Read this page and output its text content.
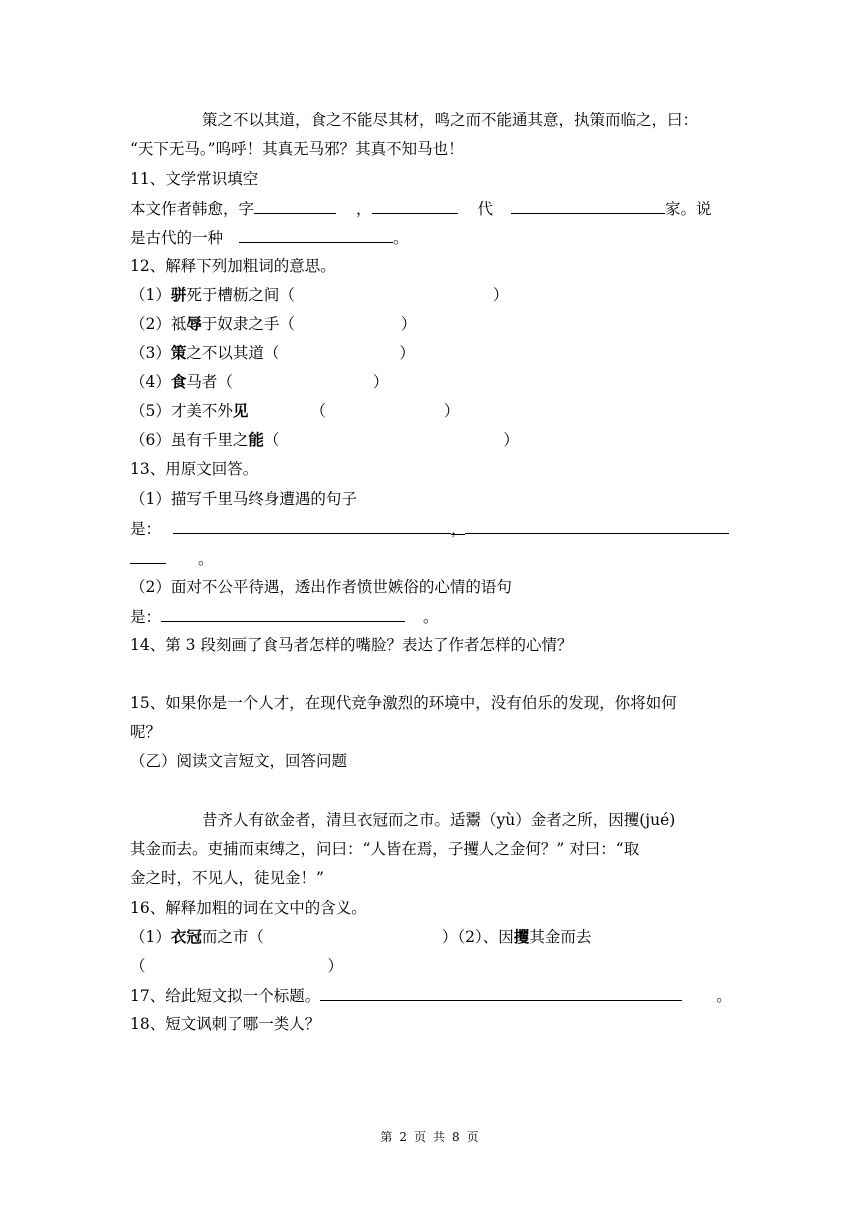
策之不以其道，食之不能尽其材，鸣之而不能通其意，执策而临之，曰：
“天下无马。”呜呼！其真无马邪？其真不知马也！
11、文学常识填空
本文作者韩愈，字	，	代	家。说
是古代的一种	。
12、解释下列加粗词的意思。
（1）骈死于槽枥之间（	）
（2）祗辱于奴隶之手（	）
（3）策之不以其道（	）
（4）食马者（	）
（5）才美不外见	（	）
（6）虽有千里之能（	）
13、用原文回答。
（1）描写千里马终身遭遇的句子
是：	，
。
（2）面对不公平待遇，透出作者愤世嫉俗的心情的语句
是：	。
14、第 3 段刻画了食马者怎样的嘴脸？表达了作者怎样的心情？
15、如果你是一个人才，在现代竞争激烈的环境中，没有伯乐的发现，你将如何
呢？
（乙）阅读文言短文，回答问题
昔齐人有欲金者，清旦衣冠而之市。适鬻（yù）金者之所，因攫(jué)
其金而去。吏捕而束缚之，问曰：“人皆在焉，子攫人之金何？” 对曰：“取
金之时，不见人，徒见金！”
16、解释加粗的词在文中的含义。
（1）衣冠而之市（	）（2）、因攫其金而去
（	）
17、给此短文拟一个标题。	。
18、短文讽刺了哪一类人？
第 2 页 共 8 页
